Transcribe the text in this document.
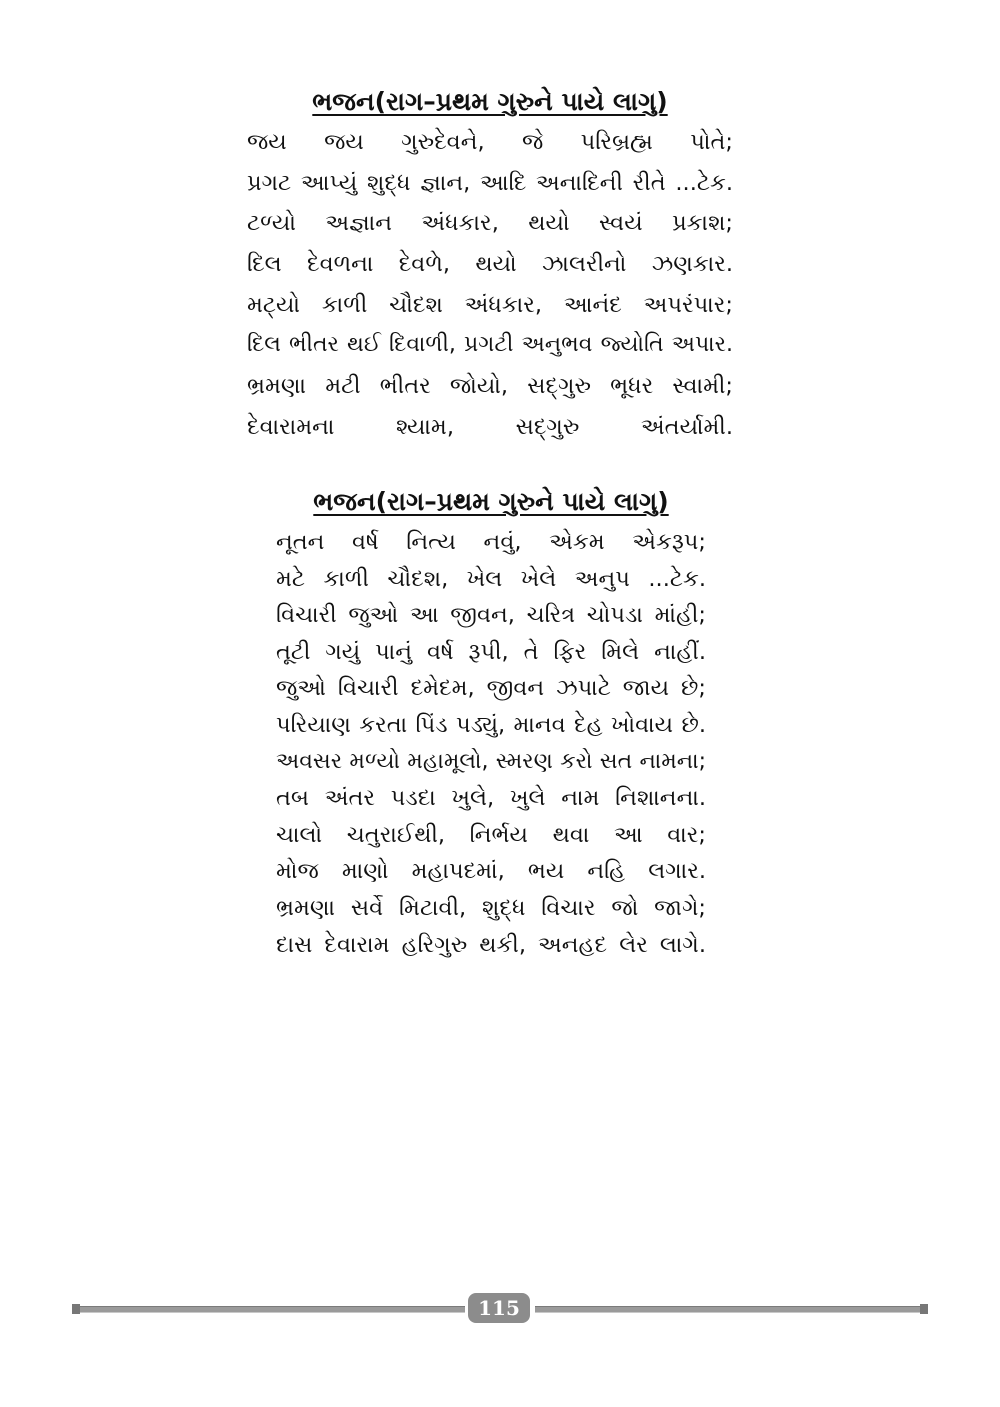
ભજન(રાગ–પ્રથમ ગુરુને પાયે લાગુ)
જય જય ગુરુદેવને, જે પરિબ્રહ્મ પોતે;
પ્રગટ આપ્યું શુદ્ધ જ્ઞાન, આદિ અનાદિની રીતે ...ટેક.
ટળ્યો અજ્ઞાન અંધકાર, થયો સ્વયં પ્રકાશ;
દિલ દેવળના દેવળે, થયો ઝાલરીનો ઝણકાર.
મટ્યો કાળી ચૌદશ અંધકાર, આનંદ અપરંપાર;
દિલ ભીતર થઈ દિવાળી, પ્રગટી અનુભવ જ્યોતિ અપાર.
ભ્રમણા મટી ભીતર જોયો, સદ્‌ગુરુ ભૂધર સ્વામી;
દેવારામના શ્યામ, સદ્‌ગુરુ અંતર્યામી.
ભજન(રાગ–પ્રથમ ગુરુને પાયે લાગુ)
નૂતન વર્ષ નિત્ય નવું, એકમ એકરૂપ;
મટે કાળી ચૌદશ, ખેલ ખેલે અનુપ ...ટેક.
વિચારી જુઓ આ જીવન, ચરિત્ર ચોપડા માંહી;
તૂટી ગયું પાનું વર્ષ રૂપી, તે ફિર મિલે નાહીં.
જુઓ વિચારી દમેદમ, જીવન ઝપાટે જાય છે;
પરિયાણ કરતા પિંડ પડ્યું, માનવ દેહ ખોવાય છે.
અવસર મળ્યો મહામૂલો, સ્મરણ કરો સત નામના;
તબ અંતર પડદા ખુલે, ખુલે નામ નિશાનના.
ચાલો ચતુરાઈથી, નિર્ભય થવા આ વાર;
મોજ માણો મહાપદમાં, ભય નહિ લગાર.
ભ્રમણા સર્વે મિટાવી, શુદ્ધ વિચાર જો જાગે;
દાસ દેવારામ હરિગુરુ થકી, અનહદ લેર લાગે.
115
